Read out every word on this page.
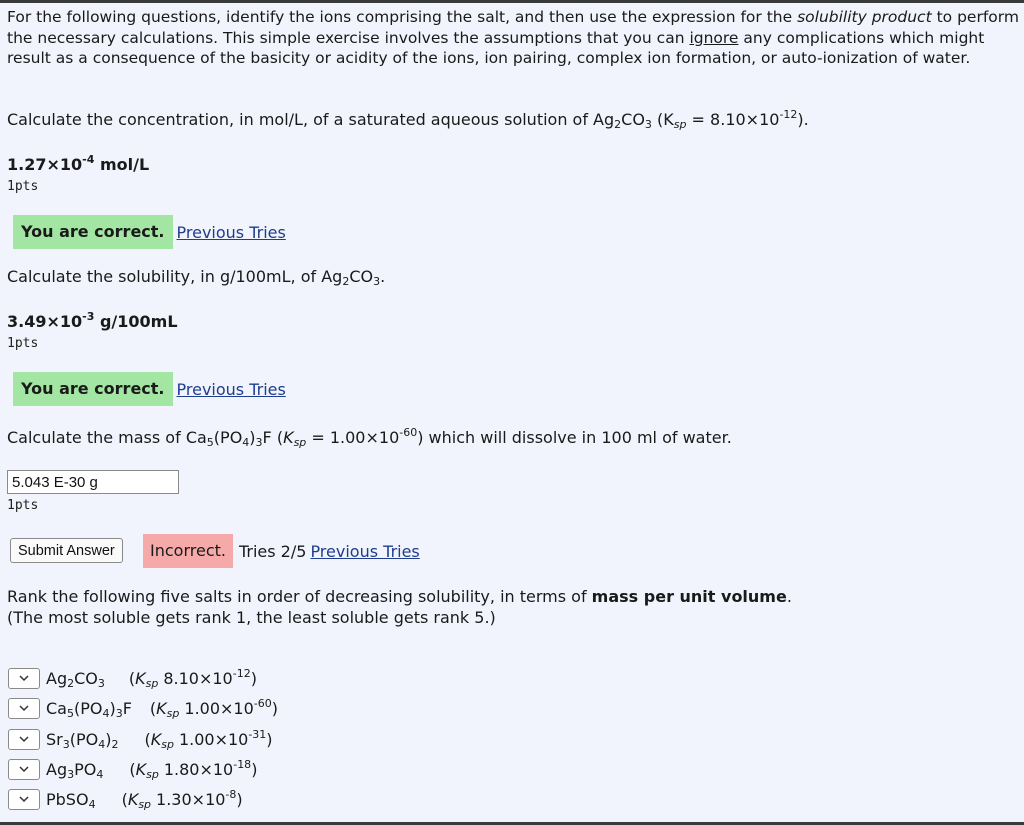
For the following questions, identify the ions comprising the salt, and then use the expression for the solubility product to perform the necessary calculations. This simple exercise involves the assumptions that you can ignore any complications which might result as a consequence of the basicity or acidity of the ions, ion pairing, complex ion formation, or auto-ionization of water.
Calculate the concentration, in mol/L, of a saturated aqueous solution of $Ag_2CO_3$ $(K_{sp} = 8.10\times 10^{-12})$.
$1.27\times 10^{-4}$ mol/L
1pts
You are correct. Previous Tries
Calculate the solubility, in g/100mL, of $Ag_2CO_3$.
$3.49\times 10^{-3}$ g/100mL
1pts
You are correct. Previous Tries
Calculate the mass of $Ca_5(PO_4)_3F$ $(K_{sp} = 1.00\times 10^{-60})$ which will dissolve in 100 ml of water.
5.043 E-30 g
1pts
Submit Answer	Incorrect. Tries 2/5 Previous Tries
Rank the following five salts in order of decreasing solubility, in terms of mass per unit volume.
(The most soluble gets rank 1, the least soluble gets rank 5.)
$Ag_2CO_3$ ($K_{sp}$ $8.10\times 10^{-12}$)
$Ca_5(PO_4)_3F$ ($K_{sp}$ $1.00\times 10^{-60}$)
$Sr_3(PO_4)_2$ ($K_{sp}$ $1.00\times 10^{-31}$)
$Ag_3PO_4$ ($K_{sp}$ $1.80\times 10^{-18}$)
PbSO$_4$ ($K_{sp}$ $1.30\times 10^{-8}$)
